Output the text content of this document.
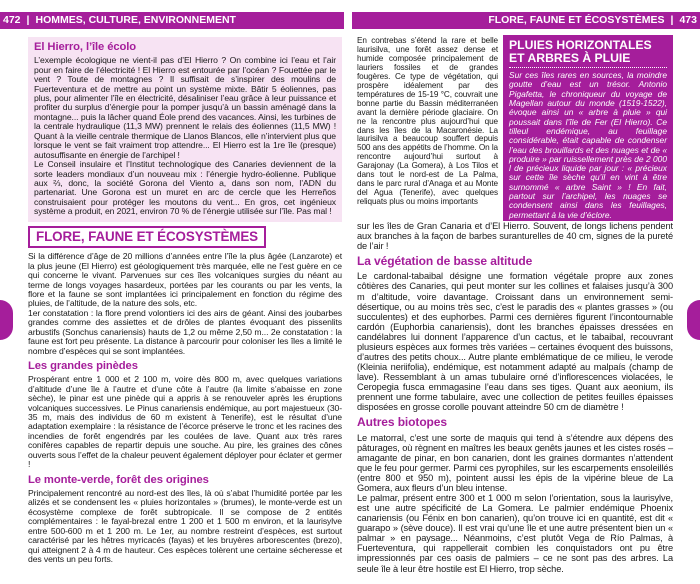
472 | HOMMES, CULTURE, ENVIRONNEMENT	FLORE, FAUNE ET ÉCOSYSTÈMES | 473
El Hierro, l’île écolo

L’exemple écologique ne vient-il pas d’El Hierro ? On combine ici l’eau et l’air pour en faire de l’électricité ! El Hierro est entourée par l’océan ? Fouettée par le vent ? Toute de montagnes ? Il suffisait de s’inspirer des moulins de Fuerteventura et de mettre au point un système mixte. Bâtir 5 éoliennes, pas plus, pour alimenter l’île en électricité, désaliniser l’eau grâce à leur puissance et profiter du surplus d’énergie pour la pomper jusqu’à un bassin aménagé dans la montagne... puis la lâcher quand Éole prend des vacances. Ainsi, les turbines de la centrale hydraulique (11,3 MW) prennent le relais des éoliennes (11,5 MW) ! Quant à la vieille centrale thermique de Llanos Blancos, elle n’intervient plus que lorsque le vent se fait vraiment trop attendre... El Hierro est la 1re île (presque) autosuffisante en énergie de l’archipel !

Le Conseil insulaire et l’Institut technologique des Canaries deviennent de la sorte leaders mondiaux d’un nouveau mix : l’énergie hydro-éolienne. Publique aux ⅔, donc, la société Gorona del Viento a, dans son nom, l’ADN du partenariat. Une Gorona est un muret en arc de cercle que les Herreños construisaient pour protéger les moutons du vent... En gros, cet ingénieux système a produit, en 2021, environ 70 % de l’énergie utilisée sur l’île. Pas mal !

FLORE, FAUNE ET ÉCOSYSTÈMES

Si la différence d’âge de 20 millions d’années entre l’île la plus âgée (Lanzarote) et la plus jeune (El Hierro) est géologiquement très marquée, elle ne l’est guère en ce qui concerne le vivant. Parvenues sur ces îles volcaniques surgies du néant au terme de longs voyages hasardeux, portées par les courants ou par les vents, la flore et la faune se sont implantées ici principalement en fonction du régime des pluies, de l’altitude, de la nature des sols, etc.

1er constatation : la flore prend volontiers ici des airs de géant. Ainsi des joubarbes grandes comme des assiettes et de drôles de plantes évoquant des pissenlits arbustifs (Sonchus canariensis) hauts de 1,2 ou même 2,50 m... 2e constatation : la faune est fort peu présente. La distance à parcourir pour coloniser les îles a limité le nombre d’espèces qui se sont implantées.

Les grandes pinèdes

Prospérant entre 1 000 et 2 100 m, voire dès 800 m, avec quelques variations d’altitude d’une île à l’autre et d’une côte à l’autre (la limite s’abaisse en zone sèche), le pinar est une pinède qui a appris à se renouveler après les éruptions volcaniques successives. Le Pinus canariensis endémique, au port majestueux (30-35 m, mais des individus de 60 m existent à Tenerife), est le résultat d’une adaptation exemplaire : la résistance de l’écorce préserve le tronc et les racines des incendies de forêt engendrés par les coulées de lave. Quant aux très rares conifères capables de repartir depuis une souche. Au pire, les graines des cônes ouverts sous l’effet de la chaleur peuvent également déployer pour éclater et germer !

Le monte-verde, forêt des origines

Principalement rencontré au nord-est des îles, là où s’abat l’humidité portée par les alizés et se condensent les « pluies horizontales » (brumes), le monte-verde est un écosystème complexe de forêt subtropicale. Il se compose de 2 entités complémentaires : le fayal-brezal entre 1 200 et 1 500 m environ, et la laurisylve entre 500-600 m et 1 200 m. Le 1er, au nombre restreint d’espèces, est surtout caractérisé par les hêtres myricacés (fayas) et les bruyères arborescentes (brezo), qui atteignent 2 à 4 m de hauteur. Ces espèces tolèrent une certaine sécheresse et des vents un peu forts.

En contrebas s’étend la rare et belle laurisilva, une forêt assez dense et humide composée principalement de lauriers fossiles et de grandes fougères. Ce type de végétation, qui prospère idéalement par des températures de 15-19 °C, couvrait une bonne partie du Bassin méditerranéen avant la dernière période glaciaire. On ne la rencontre plus aujourd’hui que dans les îles de la Macaronésie. La laurisilva a beaucoup souffert depuis 500 ans des appétits de l’homme. On la rencontre aujourd’hui surtout à Garajonay (La Gomera), à Los Tilos et dans tout le nord-est de La Palma, dans le parc rural d’Anaga et au Monte del Agua (Tenerife), avec quelques reliquats plus ou moins importants

PLUIES HORIZONTALES ET ARBRES À PLUIE
Sur ces îles rares en sources, la moindre goutte d’eau est un trésor. Antonio Pigafetta, le chroniqueur du voyage de Magellan autour du monde (1519-1522), évoque ainsi un « arbre à pluie » qui poussait dans l’île de Fer (El Hierro). Ce tilleul endémique, au feuillage considérable, était capable de condenser l’eau des brouillards et des nuages et de « produire » par ruissellement près de 2 000 l de précieux liquide par jour : « précieux sur cette île sèche qu’il en vint à être surnommé « arbre Saint » ! En fait, partout sur l’archipel, les nuages se condensent ainsi dans les feuillages, permettant à la vie d’éclore.

sur les îles de Gran Canaria et d’El Hierro. Souvent, de longs lichens pendent aux branches à la façon de barbes suranturelles de 40 cm, signes de la pureté de l’air !

La végétation de basse altitude

Le cardonal-tabaibal désigne une formation végétale propre aux zones côtières des Canaries, qui peut monter sur les collines et falaises jusqu’à 300 m d’altitude, voire davantage. Croissant dans un environnement semi-désertique, ou au moins très sec, c’est le paradis des « plantes grasses » (ou succulentes) et des euphorbes. Parmi ces dernières figurent l’incontournable cardón (Euphorbia canariensis), dont les branches épaisses dressées en candélabres lui donnent l’apparence d’un cactus, et le tabaibal, recouvrant plusieurs espèces aux formes très variées – certaines évoquent des buissons, d’autres des petits choux... Autre plante emblématique de ce milieu, le verode (Kleinia neriifolia), endémique, est notamment adapté au malpaís (champ de lave). Ressemblant à un amas tubulaire orné d’inflorescences violacées, le Ceropegia fusca emmagasine l’eau dans ses tiges. Quant aux aeonium, ils prennent une forme tabulaire, avec une collection de petites feuilles épaisses disposées en grosse corolle pouvant atteindre 50 cm de diamètre !

Autres biotopes

Le matorral, c’est une sorte de maquis qui tend à s’étendre aux dépens des pâturages, où règnent en maîtres les beaux genêts jaunes et les cistes rosés – amagante de pinar, en bon canarien, dont les graines dormantes n’attendent que le feu pour germer. Parmi ces pyrophiles, sur les escarpements ensoleillés (entre 800 et 950 m), pointent aussi les épis de la vipérine bleue de La Gomera, aux fleurs d’un bleu intense.

Le palmar, présent entre 300 et 1 000 m selon l’orientation, sous la laurisylve, est une autre spécificité de La Gomera. Le palmier endémique Phoenix canariensis (ou Fénix en bon canarien), qu’on trouve ici en quantité, est dit « guarapo » (sève douce). Il est vrai qu’une île et une autre présentent bien un « palmar » en paysage... Néanmoins, c’est plutôt Vega de Río Palmas, à Fuerteventura, qui rappellerait combien les conquistadors ont pu être impressionnés par ces oasis de palmiers – ce ne sont pas des arbres. La seule île à leur être hostile est El Hierro, trop sèche.
